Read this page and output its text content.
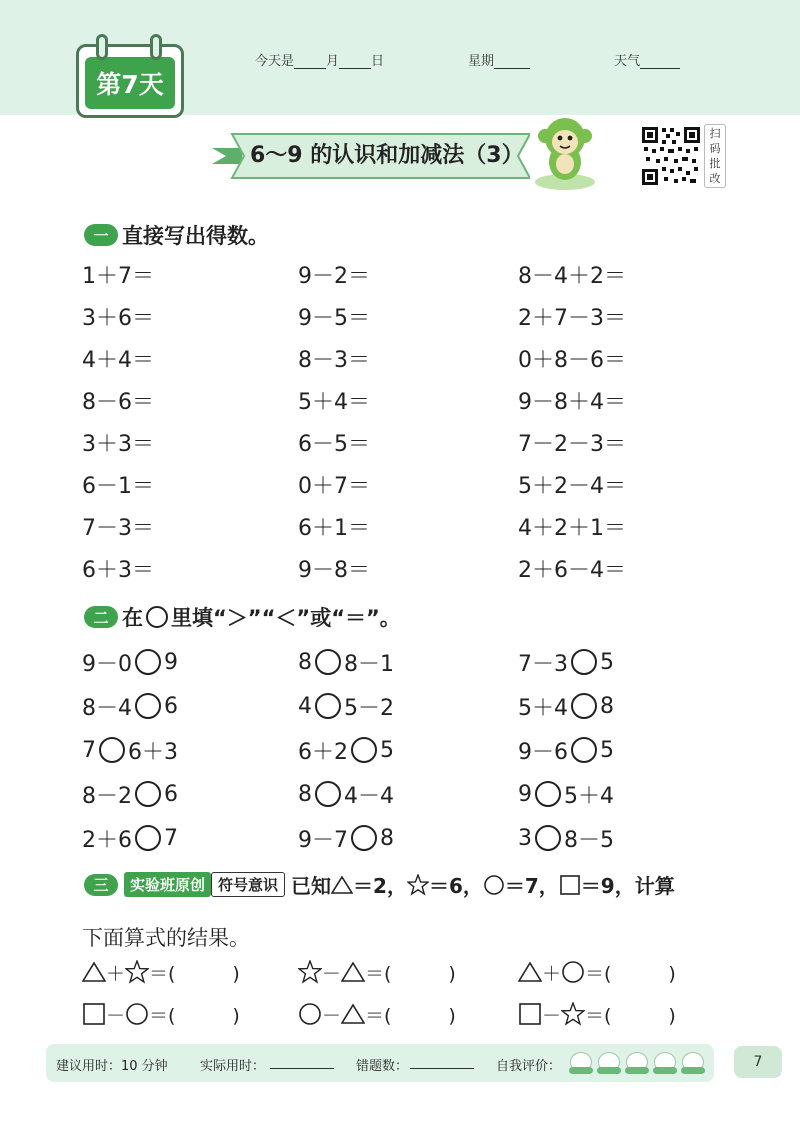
第7天
今天是 月 日	星期	天气
6～9 的认识和加减法（3）
扫
码
批
改
一 直接写出得数。
1＋7＝	9－2＝	8－4＋2＝
3＋6＝	9－5＝	2＋7－3＝
4＋4＝	8－3＝	0＋8－6＝
8－6＝	5＋4＝	9－8＋4＝
3＋3＝	6－5＝	7－2－3＝
6－1＝	0＋7＝	5＋2－4＝
7－3＝	6＋1＝	4＋2＋1＝
6＋3＝	9－8＝	2＋6－4＝
二 在 里填“＞”“＜”或“＝”。
9－0 9	8 8－1	7－3 5
8－4 6	4 5－2	5＋4 8
7 6＋3	6＋2 5	9－6 5
8－2 6	8 4－4	9 5＋4
2＋6 7	9－7 8	3 8－5
三	实验班原创 符号意识 已知 ＝2， ＝6， ＝7， ＝9，计算
下面算式的结果。
＋ ＝(　　　)	－ ＝(　　　)	＋ ＝(　　　)
－ ＝(　　　)	－ ＝(　　　)	－ ＝(　　　)
建议用时：10 分钟 实际用时：	错题数：	自我评价：	7
